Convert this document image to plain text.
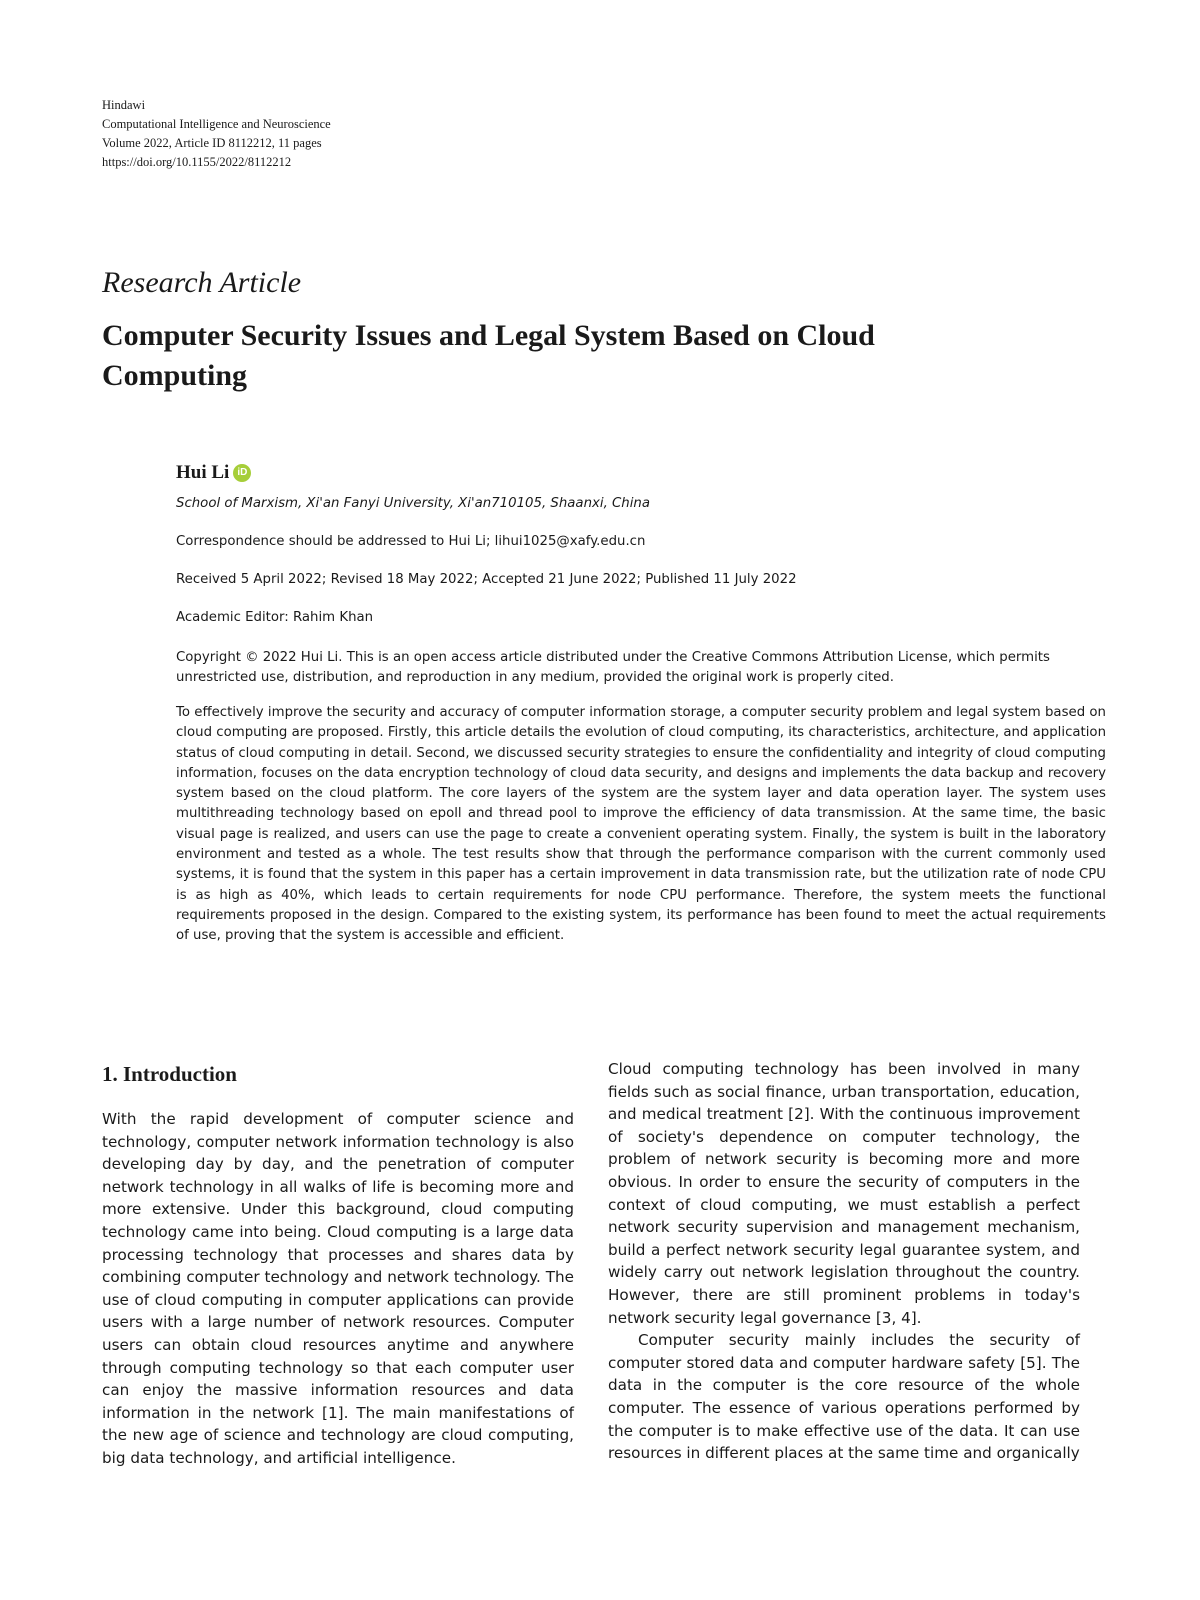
Hindawi
Computational Intelligence and Neuroscience
Volume 2022, Article ID 8112212, 11 pages
https://doi.org/10.1155/2022/8112212
Research Article
Computer Security Issues and Legal System Based on Cloud Computing
Hui Li iD
School of Marxism, Xi'an Fanyi University, Xi'an710105, Shaanxi, China
Correspondence should be addressed to Hui Li; lihui1025@xafy.edu.cn
Received 5 April 2022; Revised 18 May 2022; Accepted 21 June 2022; Published 11 July 2022
Academic Editor: Rahim Khan
Copyright © 2022 Hui Li. This is an open access article distributed under the Creative Commons Attribution License, which permits unrestricted use, distribution, and reproduction in any medium, provided the original work is properly cited.
To effectively improve the security and accuracy of computer information storage, a computer security problem and legal system based on cloud computing are proposed. Firstly, this article details the evolution of cloud computing, its characteristics, architecture, and application status of cloud computing in detail. Second, we discussed security strategies to ensure the confidentiality and integrity of cloud computing information, focuses on the data encryption technology of cloud data security, and designs and implements the data backup and recovery system based on the cloud platform. The core layers of the system are the system layer and data operation layer. The system uses multithreading technology based on epoll and thread pool to improve the efficiency of data transmission. At the same time, the basic visual page is realized, and users can use the page to create a convenient operating system. Finally, the system is built in the laboratory environment and tested as a whole. The test results show that through the performance comparison with the current commonly used systems, it is found that the system in this paper has a certain improvement in data transmission rate, but the utilization rate of node CPU is as high as 40%, which leads to certain requirements for node CPU performance. Therefore, the system meets the functional requirements proposed in the design. Compared to the existing system, its performance has been found to meet the actual requirements of use, proving that the system is accessible and efficient.
1. Introduction

With the rapid development of computer science and technology, computer network information technology is also developing day by day, and the penetration of computer network technology in all walks of life is becoming more and more extensive. Under this background, cloud computing technology came into being. Cloud computing is a large data processing technology that processes and shares data by combining computer technology and network technology. The use of cloud computing in computer applications can provide users with a large number of network resources. Computer users can obtain cloud resources anytime and anywhere through computing technology so that each computer user can enjoy the massive information resources and data information in the network [1]. The main manifestations of the new age of science and technology are cloud computing, big data technology, and artificial intelligence.

Cloud computing technology has been involved in many fields such as social finance, urban transportation, education, and medical treatment [2]. With the continuous improvement of society's dependence on computer technology, the problem of network security is becoming more and more obvious. In order to ensure the security of computers in the context of cloud computing, we must establish a perfect network security supervision and management mechanism, build a perfect network security legal guarantee system, and widely carry out network legislation throughout the country. However, there are still prominent problems in today's network security legal governance [3, 4].

Computer security mainly includes the security of computer stored data and computer hardware safety [5]. The data in the computer is the core resource of the whole computer. The essence of various operations performed by the computer is to make effective use of the data. It can use resources in different places at the same time and organically
